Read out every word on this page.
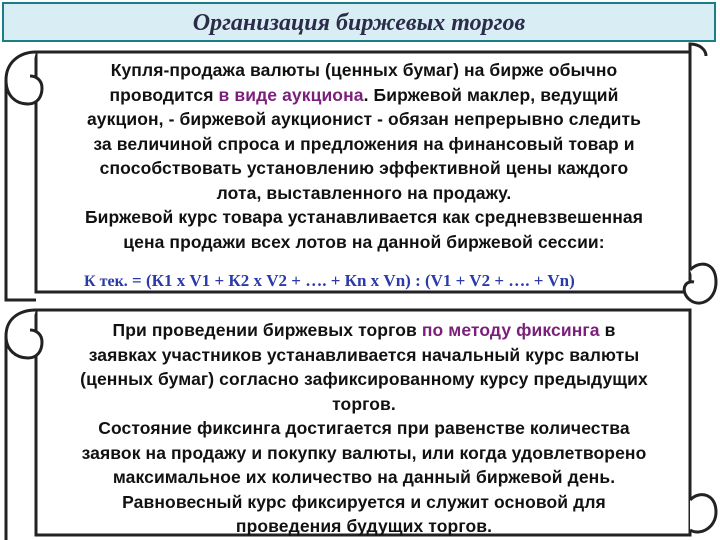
Организация биржевых торгов
Купля-продажа валюты (ценных бумаг) на бирже обычно
проводится в виде аукциона. Биржевой маклер, ведущий
аукцион, - биржевой аукционист - обязан непрерывно следить
за величиной спроса и предложения на финансовый товар и
способствовать установлению эффективной цены каждого
лота, выставленного на продажу.
Биржевой курс товара устанавливается как средневзвешенная
цена продажи всех лотов на данной биржевой сессии:
К тек. = (К1 х V1 + К2 х V2 + …. + Кn х Vn) : (V1 + V2 + …. + Vn)
При проведении биржевых торгов по методу фиксинга в
заявках участников устанавливается начальный курс валюты
(ценных бумаг) согласно зафиксированному курсу предыдущих
торгов.
Состояние фиксинга достигается при равенстве количества
заявок на продажу и покупку валюты, или когда удовлетворено
максимальное их количество на данный биржевой день.
Равновесный курс фиксируется и служит основой для
проведения будущих торгов.
